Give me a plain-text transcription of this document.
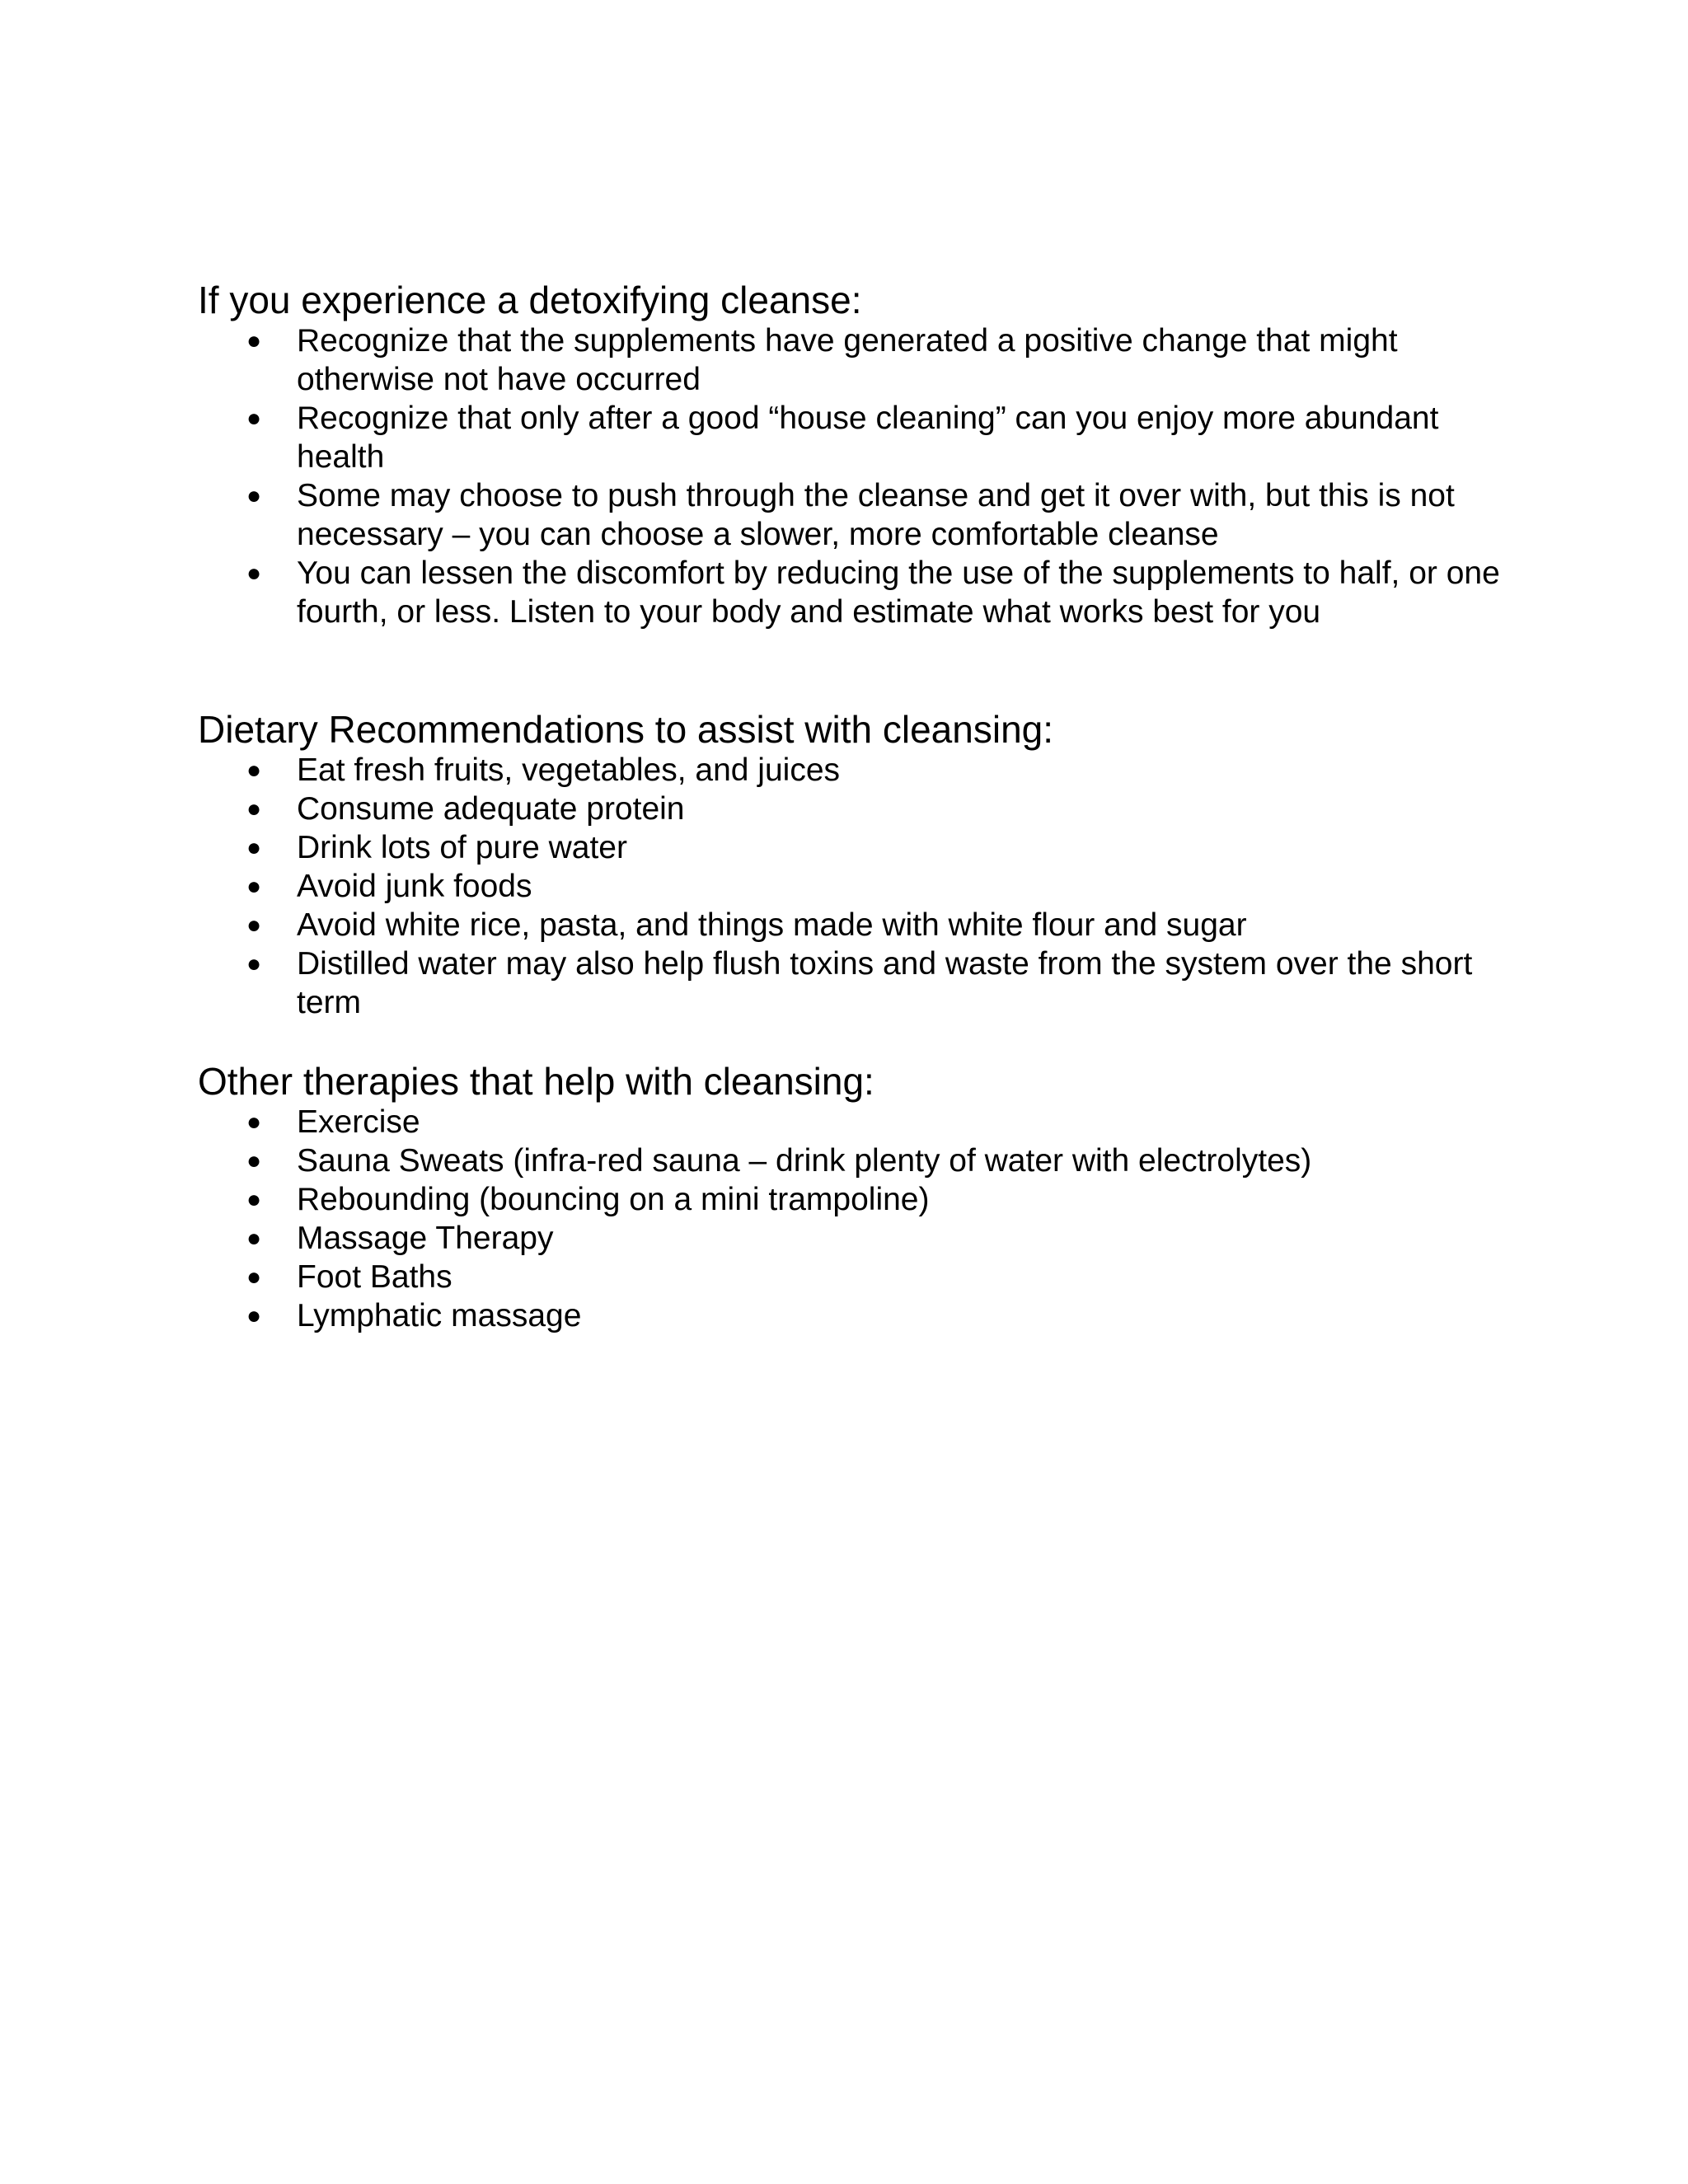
If you experience a detoxifying cleanse:
● Recognize that the supplements have generated a positive change that might otherwise not have occurred
● Recognize that only after a good “house cleaning” can you enjoy more abundant health
● Some may choose to push through the cleanse and get it over with, but this is not necessary – you can choose a slower, more comfortable cleanse
● You can lessen the discomfort by reducing the use of the supplements to half, or one fourth, or less. Listen to your body and estimate what works best for you
Dietary Recommendations to assist with cleansing:
● Eat fresh fruits, vegetables, and juices
● Consume adequate protein
● Drink lots of pure water
● Avoid junk foods
● Avoid white rice, pasta, and things made with white flour and sugar
● Distilled water may also help flush toxins and waste from the system over the short term
Other therapies that help with cleansing:
● Exercise
● Sauna Sweats (infra-red sauna – drink plenty of water with electrolytes)
● Rebounding (bouncing on a mini trampoline)
● Massage Therapy
● Foot Baths
● Lymphatic massage
